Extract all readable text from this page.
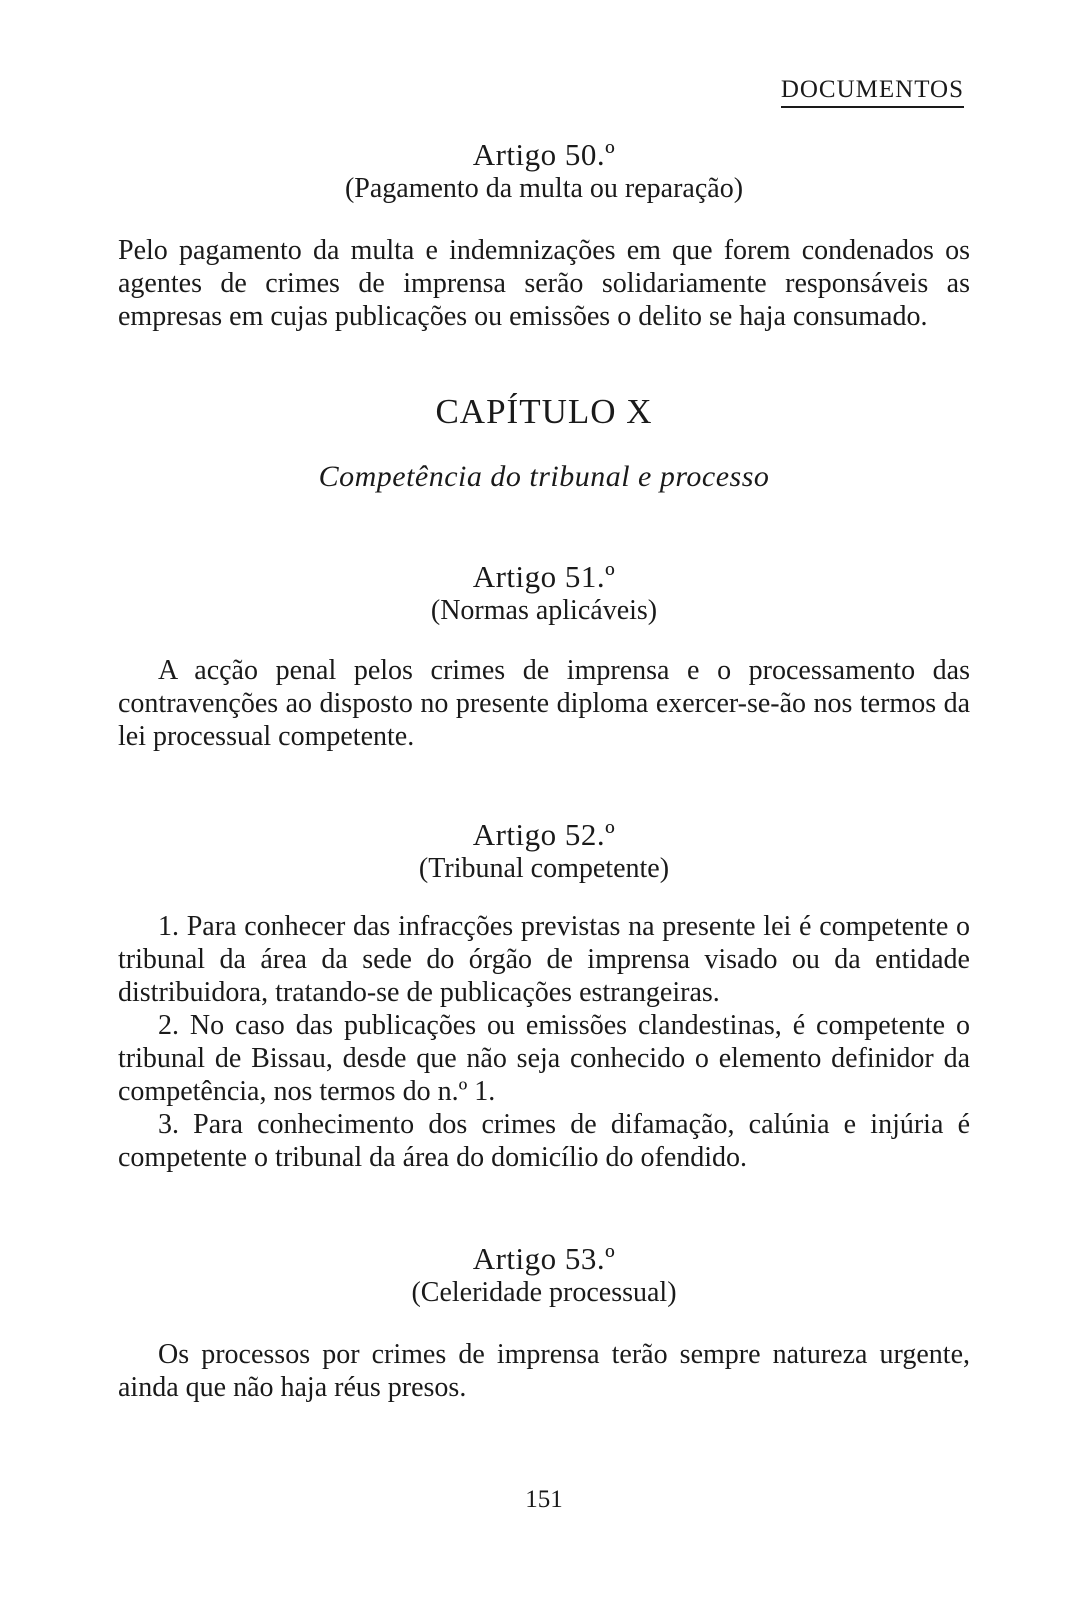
DOCUMENTOS
Artigo 50.º
(Pagamento da multa ou reparação)
Pelo pagamento da multa e indemnizações em que forem condenados os agentes de crimes de imprensa serão solidariamente responsáveis as empresas em cujas publicações ou emissões o delito se haja consumado.
CAPÍTULO X
Competência do tribunal e processo
Artigo 51.º
(Normas aplicáveis)
A acção penal pelos crimes de imprensa e o processamento das contravenções ao disposto no presente diploma exercer-se-ão nos termos da lei processual competente.
Artigo 52.º
(Tribunal competente)
1. Para conhecer das infracções previstas na presente lei é competente o tribunal da área da sede do órgão de imprensa visado ou da entidade distribuidora, tratando-se de publicações estrangeiras.
2. No caso das publicações ou emissões clandestinas, é competente o tribunal de Bissau, desde que não seja conhecido o elemento definidor da competência, nos termos do n.º 1.
3. Para conhecimento dos crimes de difamação, calúnia e injúria é competente o tribunal da área do domicílio do ofendido.
Artigo 53.º
(Celeridade processual)
Os processos por crimes de imprensa terão sempre natureza urgente, ainda que não haja réus presos.
151
